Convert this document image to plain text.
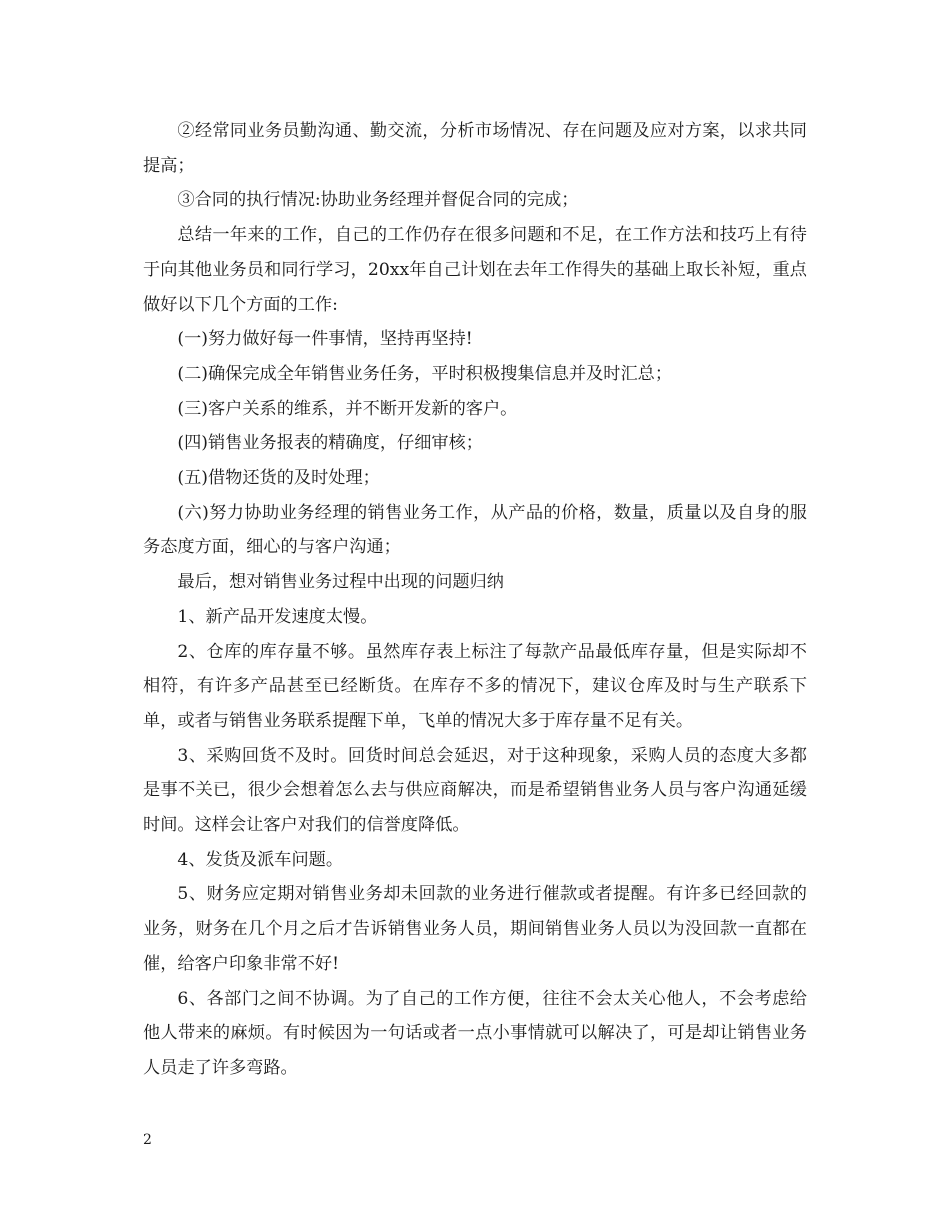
②经常同业务员勤沟通、勤交流，分析市场情况、存在问题及应对方案，以求共同提高；

③合同的执行情况:协助业务经理并督促合同的完成；

总结一年来的工作，自己的工作仍存在很多问题和不足，在工作方法和技巧上有待于向其他业务员和同行学习，20xx年自己计划在去年工作得失的基础上取长补短，重点做好以下几个方面的工作:

(一)努力做好每一件事情，坚持再坚持!

(二)确保完成全年销售业务任务，平时积极搜集信息并及时汇总；

(三)客户关系的维系，并不断开发新的客户。

(四)销售业务报表的精确度，仔细审核；

(五)借物还货的及时处理；

(六)努力协助业务经理的销售业务工作，从产品的价格，数量，质量以及自身的服务态度方面，细心的与客户沟通；

最后，想对销售业务过程中出现的问题归纳

1、新产品开发速度太慢。

2、仓库的库存量不够。虽然库存表上标注了每款产品最低库存量，但是实际却不相符，有许多产品甚至已经断货。在库存不多的情况下，建议仓库及时与生产联系下单，或者与销售业务联系提醒下单，飞单的情况大多于库存量不足有关。

3、采购回货不及时。回货时间总会延迟，对于这种现象，采购人员的态度大多都是事不关已，很少会想着怎么去与供应商解决，而是希望销售业务人员与客户沟通延缓时间。这样会让客户对我们的信誉度降低。

4、发货及派车问题。

5、财务应定期对销售业务却未回款的业务进行催款或者提醒。有许多已经回款的业务，财务在几个月之后才告诉销售业务人员，期间销售业务人员以为没回款一直都在催，给客户印象非常不好!

6、各部门之间不协调。为了自己的工作方便，往往不会太关心他人，不会考虑给他人带来的麻烦。有时候因为一句话或者一点小事情就可以解决了，可是却让销售业务人员走了许多弯路。

2
